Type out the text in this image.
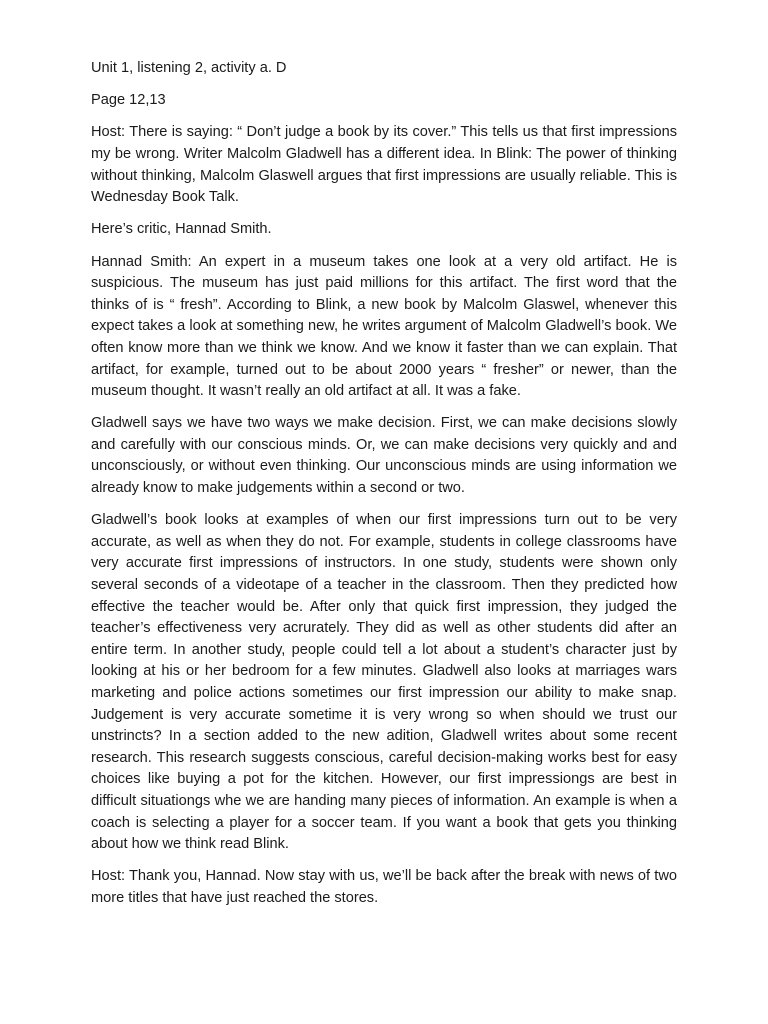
Unit 1, listening 2, activity a. D

Page 12,13

Host: There is saying: “ Don’t judge a book by its cover.” This tells us that first impressions my be wrong. Writer Malcolm Gladwell has a different idea. In Blink: The power of thinking without thinking, Malcolm Glaswell argues that first impressions are usually reliable. This is Wednesday Book Talk.

Here’s critic, Hannad Smith.

Hannad Smith: An expert in a museum takes one look at a very old artifact. He is suspicious. The museum has just paid millions for this artifact. The first word that the thinks of is “ fresh”. According to Blink, a new book by Malcolm Glaswel, whenever this expect takes a look at something new, he writes argument of Malcolm Gladwell’s book. We often know more than we think we know. And we know it faster than we can explain. That artifact, for example, turned out to be about 2000 years “ fresher” or newer, than the museum thought. It wasn’t really an old artifact at all. It was a fake.

Gladwell says we have two ways we make decision. First, we can make decisions slowly and carefully with our conscious minds. Or, we can make decisions very quickly and and unconsciously, or without even thinking. Our unconscious minds are using information we already know to make judgements within a second or two.

Gladwell’s book looks at examples of when our first impressions turn out to be very accurate, as well as when they do not. For example, students in college classrooms have very accurate first impressions of instructors. In one study, students were shown only several seconds of a videotape of a teacher in the classroom. Then they predicted how effective the teacher would be. After only that quick first impression, they judged the teacher’s effectiveness very acrurately. They did as well as other students did after an entire term. In another study, people could tell a lot about a student’s character just by looking at his or her bedroom for a few minutes. Gladwell also looks at marriages wars marketing and police actions sometimes our first impression our ability to make snap. Judgement is very accurate sometime it is very wrong so when should we trust our unstrincts? In a section added to the new adition, Gladwell writes about some recent research. This research suggests conscious, careful decision-making works best for easy choices like buying a pot for the kitchen. However, our first impressiongs are best in difficult situationgs whe we are handing many pieces of information. An example is when a coach is selecting a player for a soccer team. If you want a book that gets you thinking about how we think read Blink.

Host: Thank you, Hannad. Now stay with us, we’ll be back after the break with news of two more titles that have just reached the stores.
